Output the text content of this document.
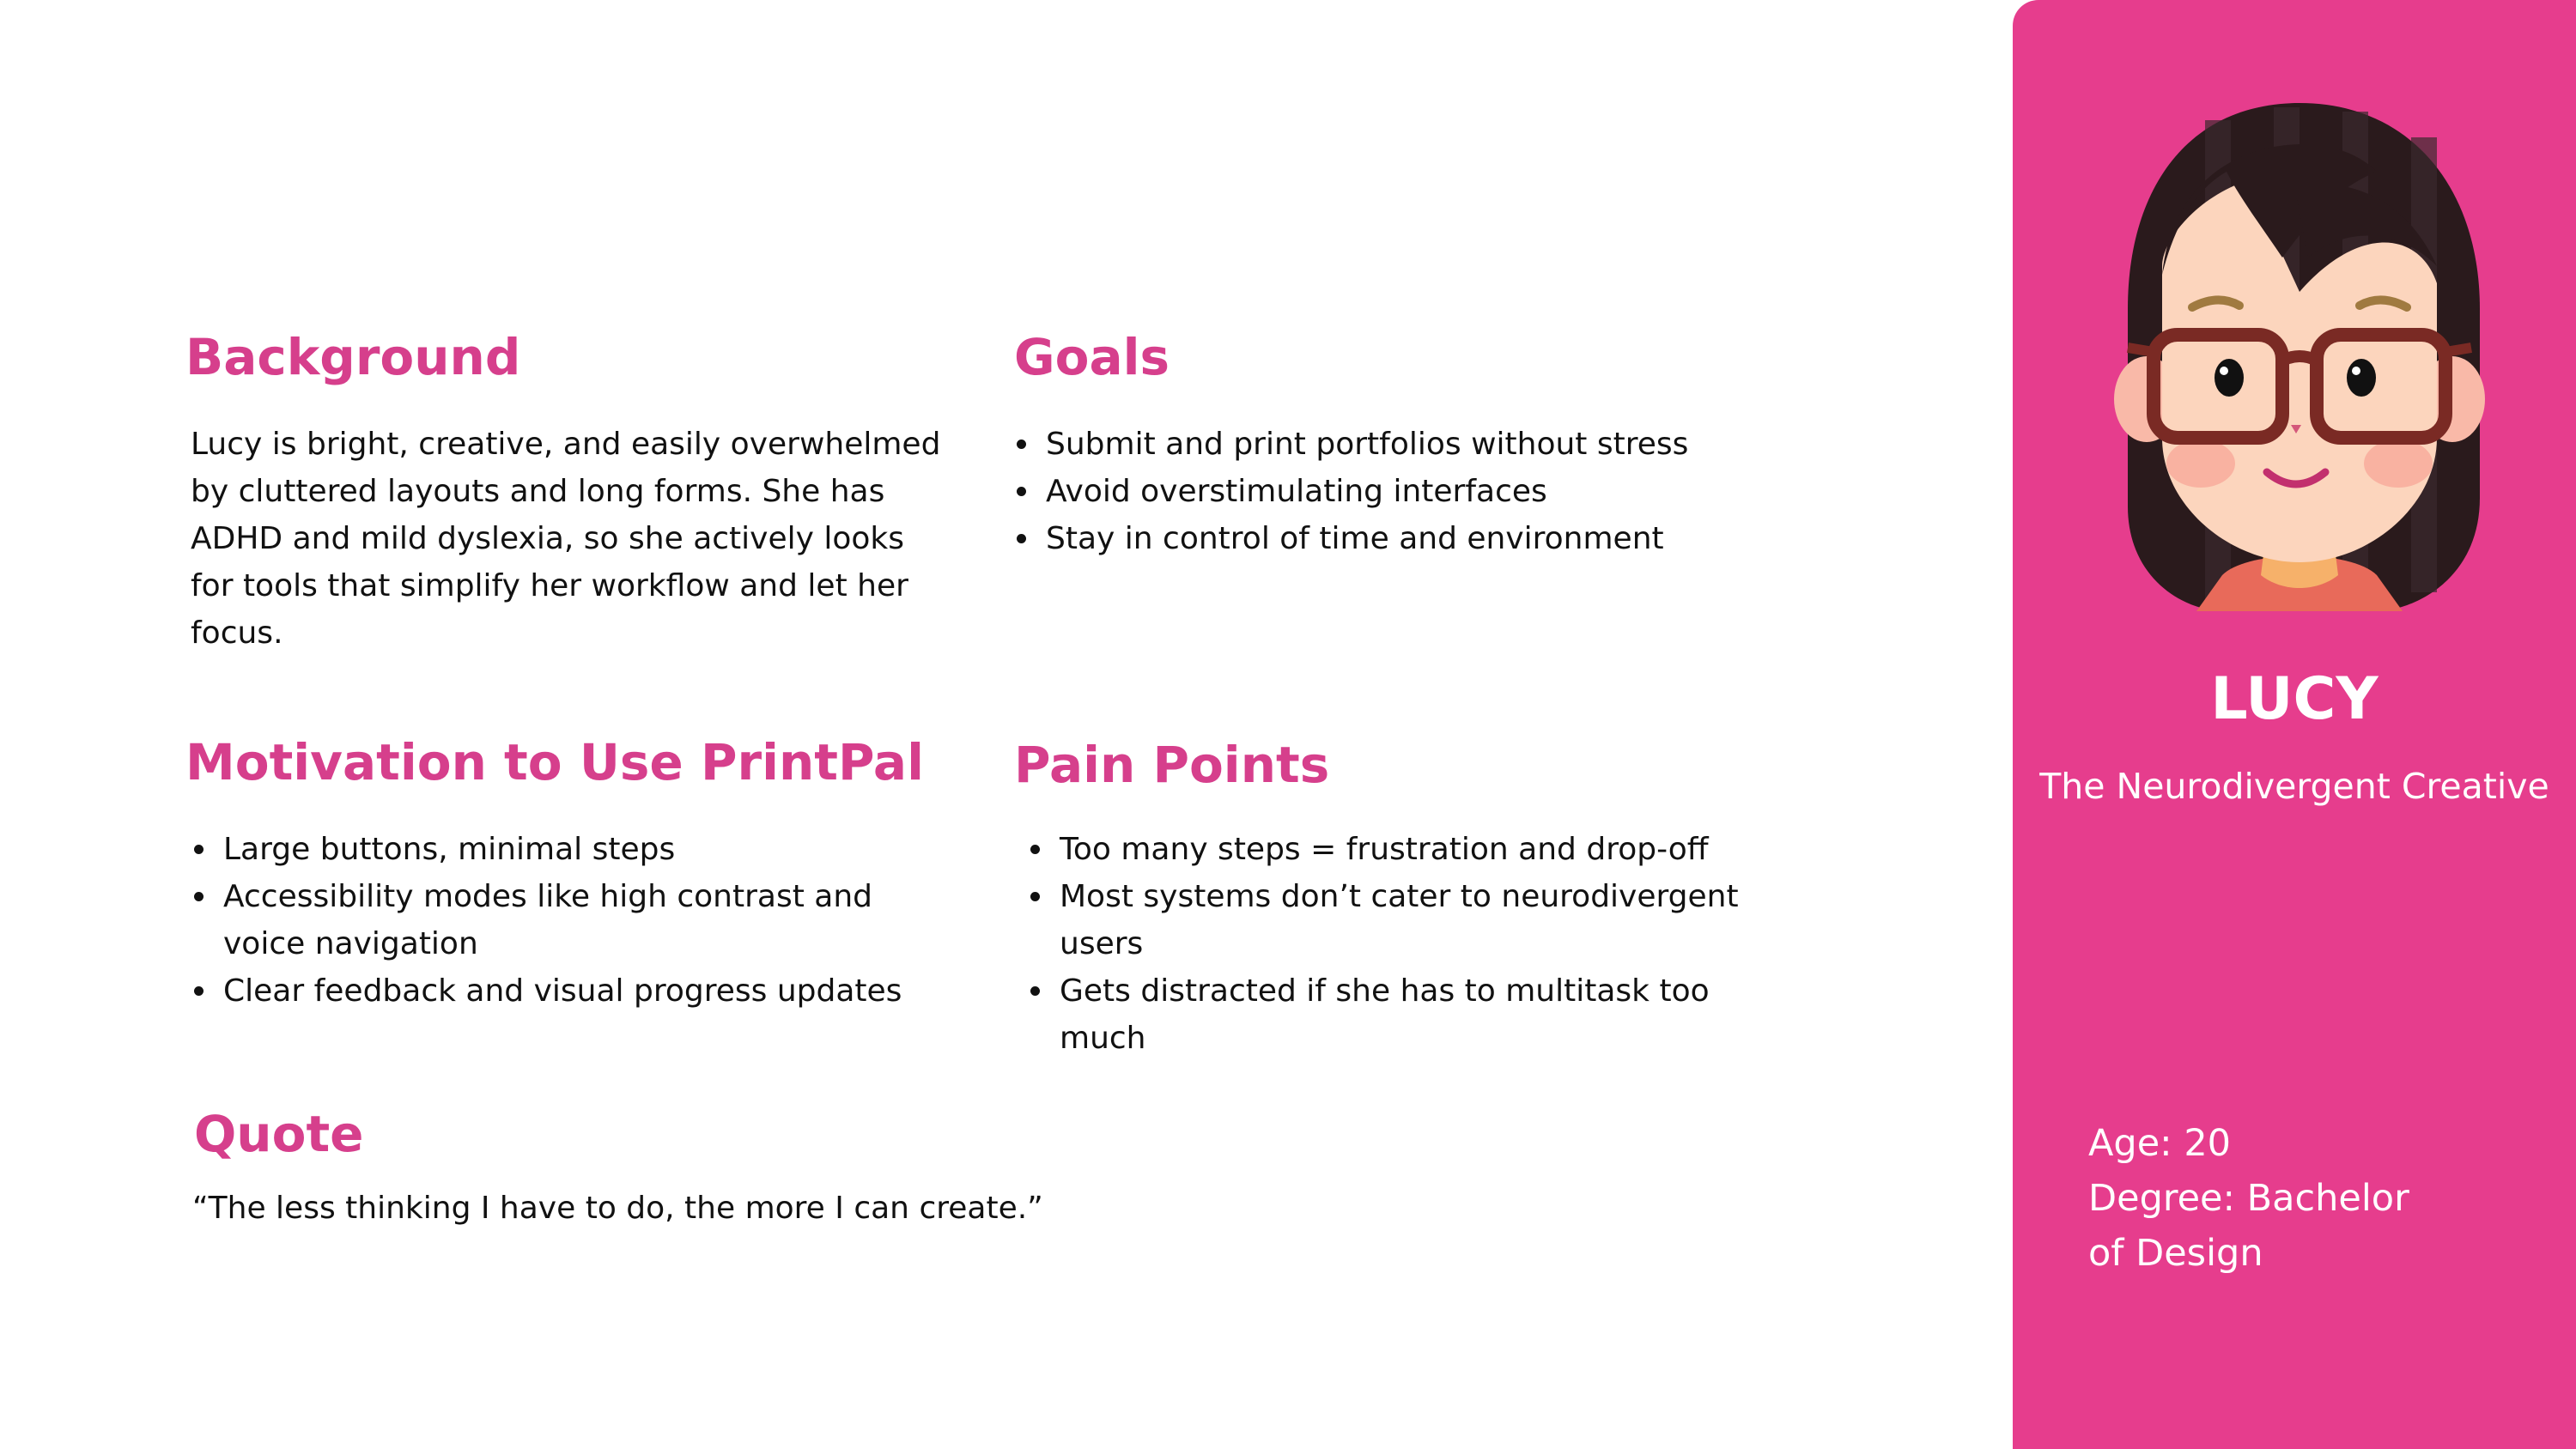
Background

Lucy is bright, creative, and easily overwhelmed by cluttered layouts and long forms. She has ADHD and mild dyslexia, so she actively looks for tools that simplify her workflow and let her focus.

Goals
Submit and print portfolios without stress
Avoid overstimulating interfaces
Stay in control of time and environment
Motivation to Use PrintPal
Large buttons, minimal steps
Accessibility modes like high contrast and voice navigation
Clear feedback and visual progress updates
Pain Points
Too many steps = frustration and drop-off
Most systems don’t cater to neurodivergent users
Gets distracted if she has to multitask too much
Quote

“The less thinking I have to do, the more I can create.”

LUCY

The Neurodivergent Creative

Age: 20
Degree: Bachelor of Design
